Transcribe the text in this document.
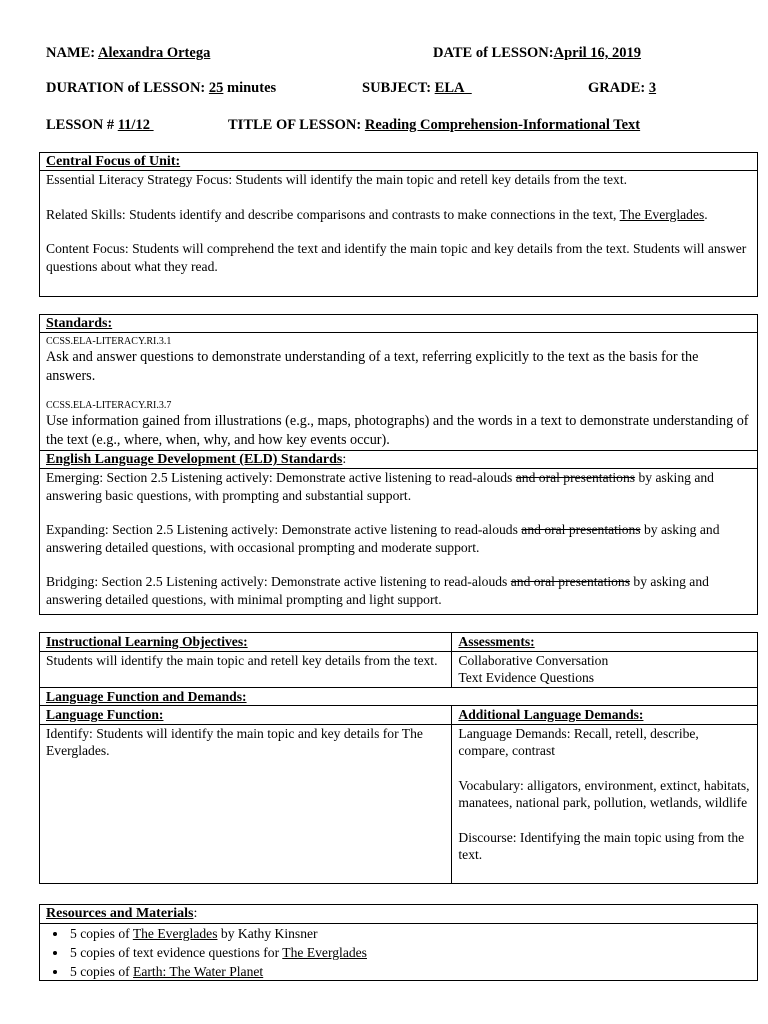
NAME: Alexandra Ortega	DATE of LESSON:April 16, 2019
DURATION of LESSON: 25 minutes	SUBJECT: ELA	GRADE: 3
LESSON # 11/12	TITLE OF LESSON: Reading Comprehension-Informational Text
Central Focus of Unit:

Essential Literacy Strategy Focus: Students will identify the main topic and retell key details from the text.

Related Skills: Students identify and describe comparisons and contrasts to make connections in the text, The Everglades.

Content Focus: Students will comprehend the text and identify the main topic and key details from the text. Students will answer questions about what they read.

Standards:
CCSS.ELA-LITERACY.RI.3.1
Ask and answer questions to demonstrate understanding of a text, referring explicitly to the text as the basis for the answers.
CCSS.ELA-LITERACY.RI.3.7
Use information gained from illustrations (e.g., maps, photographs) and the words in a text to demonstrate understanding of the text (e.g., where, when, why, and how key events occur).
English Language Development (ELD) Standards:

Emerging: Section 2.5 Listening actively: Demonstrate active listening to read-alouds and oral presentations by asking and answering basic questions, with prompting and substantial support.

Expanding: Section 2.5 Listening actively: Demonstrate active listening to read-alouds and oral presentations by asking and answering detailed questions, with occasional prompting and moderate support.

Bridging: Section 2.5 Listening actively: Demonstrate active listening to read-alouds and oral presentations by asking and answering detailed questions, with minimal prompting and light support.

Instructional Learning Objectives:	Assessments:
Students will identify the main topic and retell key details from the text.	Collaborative Conversation
Text Evidence Questions

Language Function and Demands:	
Language Function:	Additional Language Demands:
Identify: Students will identify the main topic and key details for The Everglades.	Language Demands: Recall, retell, describe, compare, contrast

Vocabulary: alligators, environment, extinct, habitats, manatees, national park, pollution, wetlands, wildlife

Discourse: Identifying the main topic using from the text.

Resources and Materials:
• 5 copies of The Everglades by Kathy Kinsner
• 5 copies of text evidence questions for The Everglades
• 5 copies of Earth: The Water Planet
